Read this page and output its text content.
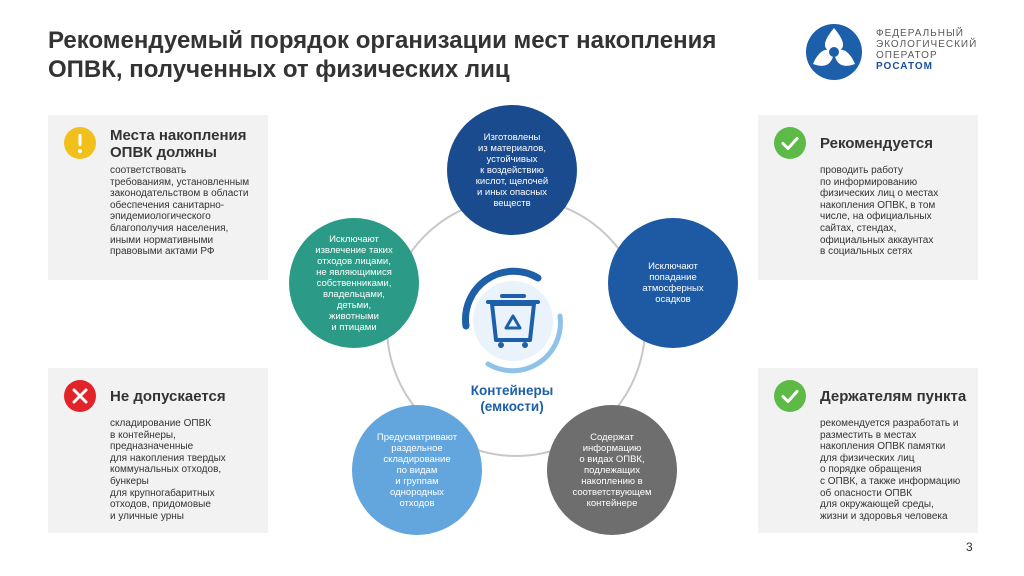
Рекомендуемый порядок организации мест накопления ОПВК, полученных от физических лиц
ФЕДЕРАЛЬНЫЙ
ЭКОЛОГИЧЕСКИЙ
ОПЕРАТОР
РОСАТОМ
Места накопления ОПВК должны
соответствовать
требованиям, установленным
законодательством в области
обеспечения санитарно-
эпидемиологического
благополучия населения,
иными нормативными
правовыми актами РФ
Рекомендуется
проводить работу
по информированию
физических лиц о местах
накопления ОПВК, в том
числе, на официальных
сайтах, стендах,
официальных аккаунтах
в социальных сетях
Не допускается
складирование ОПВК
в контейнеры,
предназначенные
для накопления твердых
коммунальных отходов,
бункеры
для крупногабаритных
отходов, придомовые
и уличные урны
Держателям пункта
рекомендуется разработать и
разместить в местах
накопления ОПВК памятки
для физических лиц
о порядке обращения
с ОПВК, а также информацию
об опасности ОПВК
для окружающей среды,
жизни и здоровья человека
Контейнеры
(емкости)
Изготовлены
из материалов,
устойчивых
к воздействию
кислот, щелочей
и иных опасных
веществ
Исключают
попадание
атмосферных
осадков
Содержат
информацию
о видах ОПВК,
подлежащих
накоплению в
соответствующем
контейнере
Предусматривают
раздельное
складирование
по видам
и группам
однородных
отходов
Исключают
извлечение таких
отходов лицами,
не являющимися
собственниками,
владельцами,
детьми,
животными
и птицами
3
